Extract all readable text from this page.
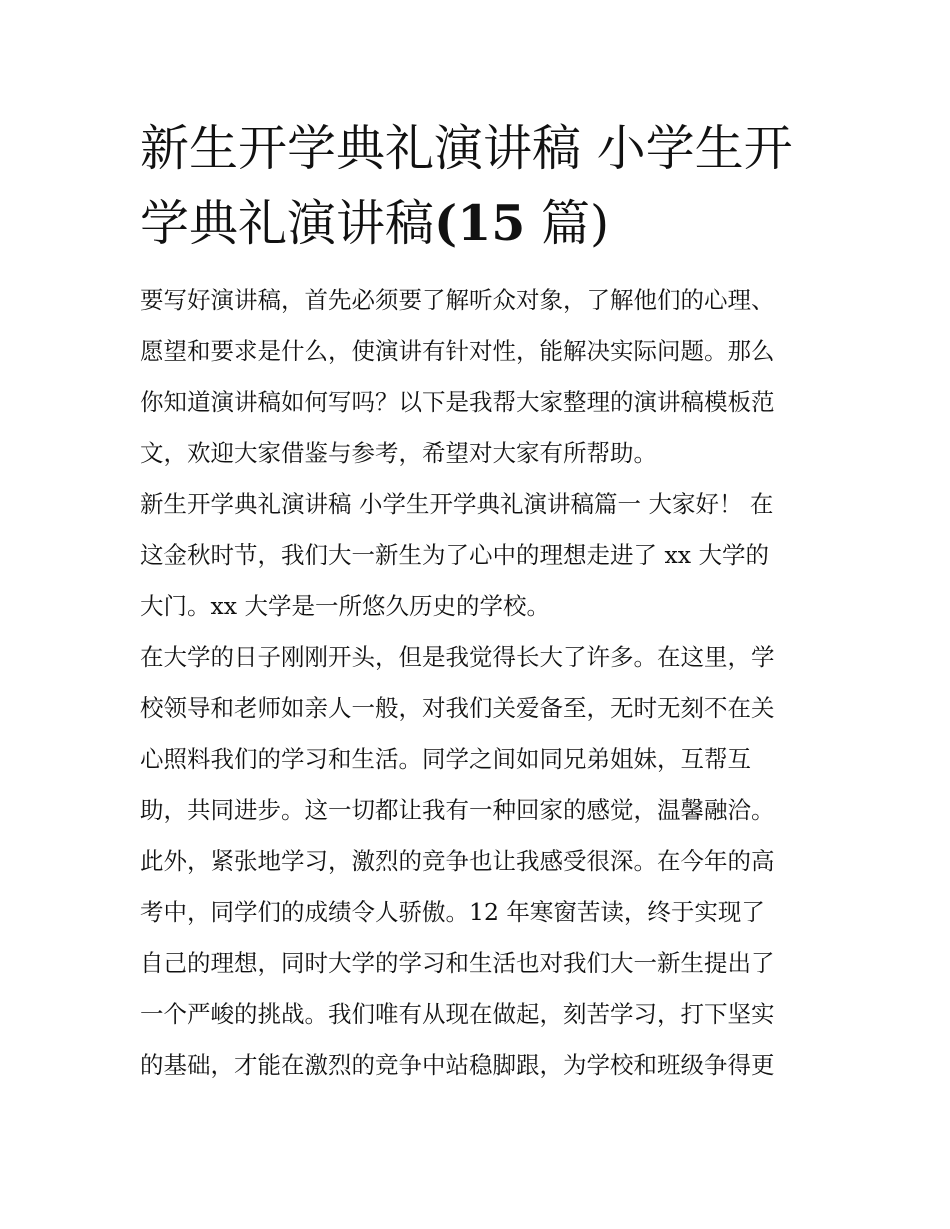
新生开学典礼演讲稿 小学生开
学典礼演讲稿(15 篇)

要写好演讲稿，首先必须要了解听众对象，了解他们的心理、
愿望和要求是什么，使演讲有针对性，能解决实际问题。那么
你知道演讲稿如何写吗？以下是我帮大家整理的演讲稿模板范
文，欢迎大家借鉴与参考，希望对大家有所帮助。

新生开学典礼演讲稿 小学生开学典礼演讲稿篇一 大家好！ 在
这金秋时节，我们大一新生为了心中的理想走进了 xx 大学的
大门。xx 大学是一所悠久历史的学校。

在大学的日子刚刚开头，但是我觉得长大了许多。在这里，学
校领导和老师如亲人一般，对我们关爱备至，无时无刻不在关
心照料我们的学习和生活。同学之间如同兄弟姐妹，互帮互
助，共同进步。这一切都让我有一种回家的感觉，温馨融洽。
此外，紧张地学习，激烈的竞争也让我感受很深。在今年的高
考中，同学们的成绩令人骄傲。12 年寒窗苦读，终于实现了
自己的理想，同时大学的学习和生活也对我们大一新生提出了
一个严峻的挑战。我们唯有从现在做起，刻苦学习，打下坚实
的基础，才能在激烈的竞争中站稳脚跟，为学校和班级争得更
